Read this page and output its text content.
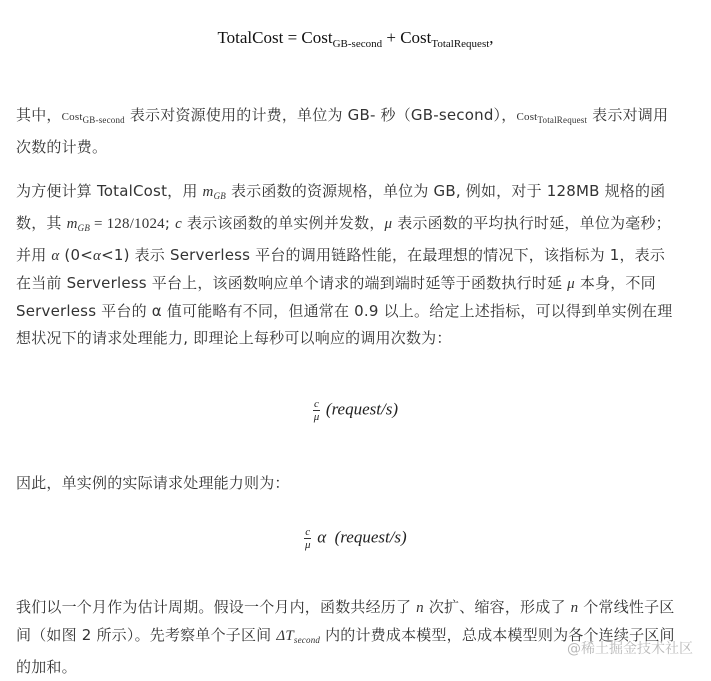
TotalCost = Cost$_{GB-second}$ + Cost$_{TotalRequest}$,

其中，Cost$_{GB-second}$ 表示对资源使用的计费，单位为 GB- 秒（GB-second），Cost$_{TotalRequest}$ 表示对调用次数的计费。

为方便计算 TotalCost，用 $m_{GB}$ 表示函数的资源规格，单位为 GB, 例如，对于 128MB 规格的函数，其 $m_{GB} = 128/1024$; c 表示该函数的单实例并发数，μ 表示函数的平均执行时延，单位为毫秒；并用 α (0<α<1) 表示 Serverless 平台的调用链路性能，在最理想的情况下，该指标为 1，表示在当前 Serverless 平台上，该函数响应单个请求的端到端时延等于函数执行时延 μ 本身，不同 Serverless 平台的 α 值可能略有不同，但通常在 0.9 以上。给定上述指标，可以得到单实例在理想状况下的请求处理能力, 即理论上每秒可以响应的调用次数为：

$\frac{c}{\mu}$ (request/s)

因此，单实例的实际请求处理能力则为：

$\frac{c}{\mu}$ α (request/s)

我们以一个月作为估计周期。假设一个月内，函数共经历了 n 次扩、缩容，形成了 n 个常线性子区间（如图 2 所示）。先考察单个子区间 $\Delta T_{second}$ 内的计费成本模型，总成本模型则为各个连续子区间的加和。

@稀土掘金技术社区
